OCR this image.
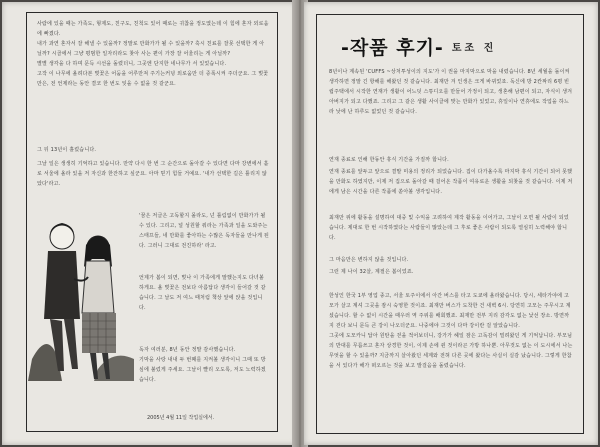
사람에 있을 때는 가족도, 형제도, 친구도, 친척도 있어 때로는 귀찮을 정도였는데 이 힘에 혼자 외로움에 빠졌다.
내가 과연 혼자서 잘 해낼 수 있을까? 정말로 만화가가 될 수 있을까? 혹시 친료를 잘못 선택한 게 아닐까? 시골에서 그냥 평범한 일자리라도 찾아 사는 편이 가장 잘 어울리는 게 아닐까?
별별 생각을 다 하며 문득 시선을 돌렸더니, 그곳엔 단지한 네나무가 서 있었습니다.
고작 이 나무에 올려다본 벚꽃은 어둠을 어루만져 주기는커녕 외로움만 더 증폭시켜 주더군요. 그 벚꽃만은, 전 언제라는 동안 결코 한 번도 잊을 수 없을 것 같군요.

그 뒤 13년이 흘렀습니다.

그날 일은 생생히 기억하고 있습니다. 만약 다시 한 번 그 순간으로 돌아갈 수 있다면 다마 강변에서 홀로 서울에 올라 있을 저 자신과 한잔하고 싶군요. 아마 믿기 힘들 거예요. '내가 선택한 길은 틀리지 않았다'라고.

'꿈은 저글은 고독할지 몰라도, 넌 틀림없이 만화가가 될 수 있다. 그리고, 널 성원할 줘라는 가족과 일을 도와주는 스태프들, 네 만화를 좋아하는 수많은 독자들을 만나게 된다. 그러니 그대로 전진하라' 라고.

언제가 봄이 되면, 벚나 이 가족에게 말했는지도 다녀볼 하게요. 올 벚꽃은 전보다 아름답다 생각이 들어갈 것 같습니다. 그 날도 저 여느 때처럼 책상 앞에 앉을 것입니다.

독자 여러분, 8년 동안 정말 감사했습니다.
기막을 사랑 내내 두 번째를 지켜볼 생각이니 그때 또 방심에 불렀게 주세요. 그날이 빨리 오도록, 저도 노력하겠습니다.

2005년 4월 11일 작업실에서.
-작품 후기- 토조 진

8년이나 계속된 'CUFFS ~상처투성이의 지도'가 이 권을 마지막으로 막을 내렸습니다. 8년 세월을 돌이켜 생각하면 정말 긴 항해를 해왔던 것 같습니다. 최재만 겨 인생은 크게 바뀌었죠. 독신에 방 2칸짜리 6평 빈립주택에서 시작한 연재가 생활이 어느덧 스튜디오를 만들어 가정이 되고, 생혼해 남편이 되고, 자식이 생겨 아버지가 되고 다했죠. 그리고 그 같은 생활 사이클에 맞는 만화가 있었고, 휴일이나 연휴에도 작업을 하느라 낮에 난 하루도 없었던 것 같습니다.

연재 종료로 인해 한동안 휴식 기간을 가질까 합니다.

연재 종료를 앞두고 앞으로 결말 미용의 정리가 되었습니다. 집이 다가올수록 마지막 휴식 기간이 되어 못했을 만화도 하였지만, 이제 저 집으로 돌아갈 때 걸어온 작품이 여유로운 생활을 되찾을 것 같습니다. 이제 저에게 남은 시간을 다른 작품에 쏟아볼 생각입니다.

최재만 위에 활동을 설명하여 대중 및 수익을 고려하여 제작 활동을 이어가고, 그날이 오면 될 사람이 되었습니다. 제대로 한 번 시작하였다는 사람들이 많았는데 그 후로 좋은 사람이 되도록 열심히 노력해야 합니다.

그 마음만은 변하지 않을 것입니다.

그런 제 나이 32살, 계절은 봄이었죠.

한성인 한국 1부 영업 종고, 서울 토주이에서 아간 버스를 타고 도쿄에 올라왔습니다. 당시, 세타가야에 고모가 살고 계셔 그곳을 잠시 숙영한 것이죠. 최재만 버스가 도착한 건 새벽 6시. 당연히 고모는 주무시고 계셨습니다. 할 수 없이 시간을 때우러 역 주위를 배회했죠. 최재만 전부 지리 감각도 없는 낯선 장소. 방면까지 걷다 보니 문득 큰 강이 나오더군요. 나중에야 그것이 다마 강이란 걸 알았습니다.
그곳에 도모카니 답아 원탄을 걷을 적어보더니, 강가가 헤일 잠은 고독감이 밀려왔던 게 기억납니다. 부모님의 반대를 무릅쓰고 혼자 상경한 것이, 이제 손에 쥔 것이라곤 가방 하나뿐. 아무것도 없는 이 도시에서 나는 무엇을 할 수 있을까? 지금까지 살아왔던 세계와 전혀 다른 곳에 왔다는 사실이 실감 났습니다. 그렇게 한참을 서 있다가 해가 떠오르는 것을 보고 발걸음을 돌렸습니다.
